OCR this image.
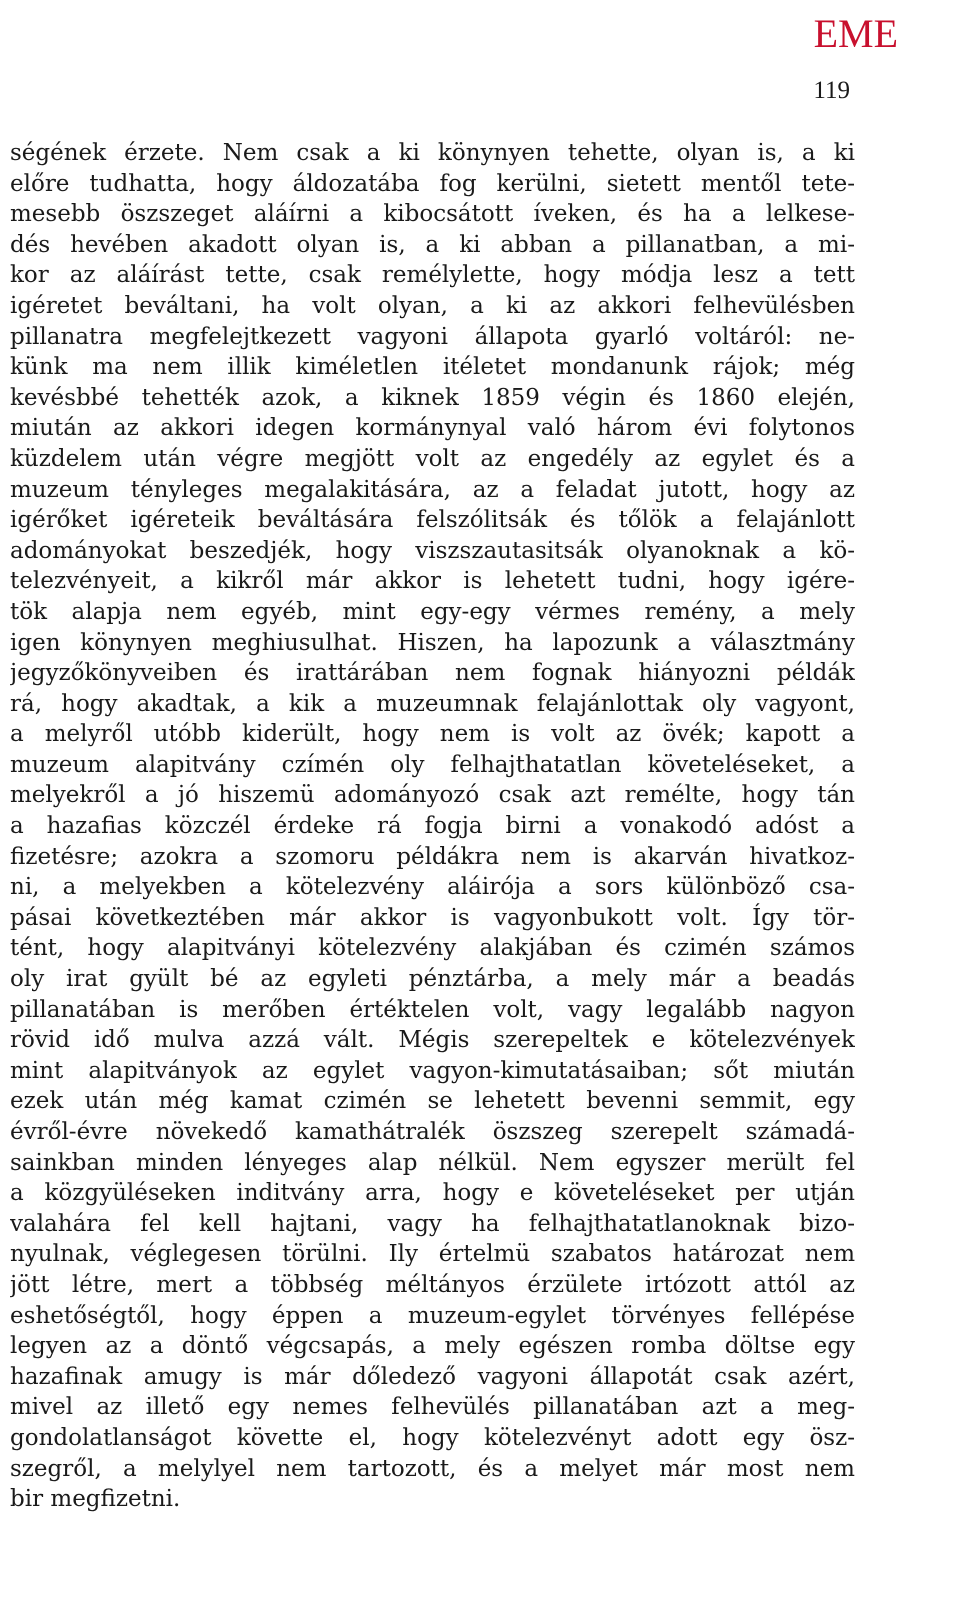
EME
119
ségének érzete. Nem csak a ki könynyen tehette, olyan is, a ki
előre tudhatta, hogy áldozatába fog kerülni, sietett mentől tete-
mesebb öszszeget aláírni a kibocsátott íveken, és ha a lelkese-
dés hevében akadott olyan is, a ki abban a pillanatban, a mi-
kor az aláírást tette, csak remélylette, hogy módja lesz a tett
igéretet beváltani, ha volt olyan, a ki az akkori felhevülésben
pillanatra megfelejtkezett vagyoni állapota gyarló voltáról: ne-
künk ma nem illik kiméletlen itéletet mondanunk rájok; még
kevésbbé tehették azok, a kiknek 1859 végin és 1860 elején,
miután az akkori idegen kormánynyal való három évi folytonos
küzdelem után végre megjött volt az engedély az egylet és a
muzeum tényleges megalakitására, az a feladat jutott, hogy az
igérőket igéreteik beváltására felszólitsák és tőlök a felajánlott
adományokat beszedjék, hogy viszszautasitsák olyanoknak a kö-
telezvényeit, a kikről már akkor is lehetett tudni, hogy igére-
tök alapja nem egyéb, mint egy-egy vérmes remény, a mely
igen könynyen meghiusulhat. Hiszen, ha lapozunk a választmány
jegyzőkönyveiben és irattárában nem fognak hiányozni példák
rá, hogy akadtak, a kik a muzeumnak felajánlottak oly vagyont,
a melyről utóbb kiderült, hogy nem is volt az övék; kapott a
muzeum alapitvány czímén oly felhajthatatlan követeléseket, a
melyekről a jó hiszemü adományozó csak azt remélte, hogy tán
a hazafias közczél érdeke rá fogja birni a vonakodó adóst a
fizetésre; azokra a szomoru példákra nem is akarván hivatkoz-
ni, a melyekben a kötelezvény aláirója a sors különböző csa-
pásai következtében már akkor is vagyonbukott volt. Így tör-
tént, hogy alapitványi kötelezvény alakjában és czimén számos
oly irat gyült bé az egyleti pénztárba, a mely már a beadás
pillanatában is merőben értéktelen volt, vagy legalább nagyon
rövid idő mulva azzá vált. Mégis szerepeltek e kötelezvények
mint alapitványok az egylet vagyon-kimutatásaiban; sőt miután
ezek után még kamat czimén se lehetett bevenni semmit, egy
évről-évre növekedő kamathátralék öszszeg szerepelt számadá-
sainkban minden lényeges alap nélkül. Nem egyszer merült fel
a közgyüléseken inditvány arra, hogy e követeléseket per utján
valahára fel kell hajtani, vagy ha felhajthatatlanoknak bizo-
nyulnak, véglegesen törülni. Ily értelmü szabatos határozat nem
jött létre, mert a többség méltányos érzülete irtózott attól az
eshetőségtől, hogy éppen a muzeum-egylet törvényes fellépése
legyen az a döntő végcsapás, a mely egészen romba döltse egy
hazafinak amugy is már dőledező vagyoni állapotát csak azért,
mivel az illető egy nemes felhevülés pillanatában azt a meg-
gondolatlanságot követte el, hogy kötelezvényt adott egy ösz-
szegről, a melylyel nem tartozott, és a melyet már most nem
bir megfizetni.
